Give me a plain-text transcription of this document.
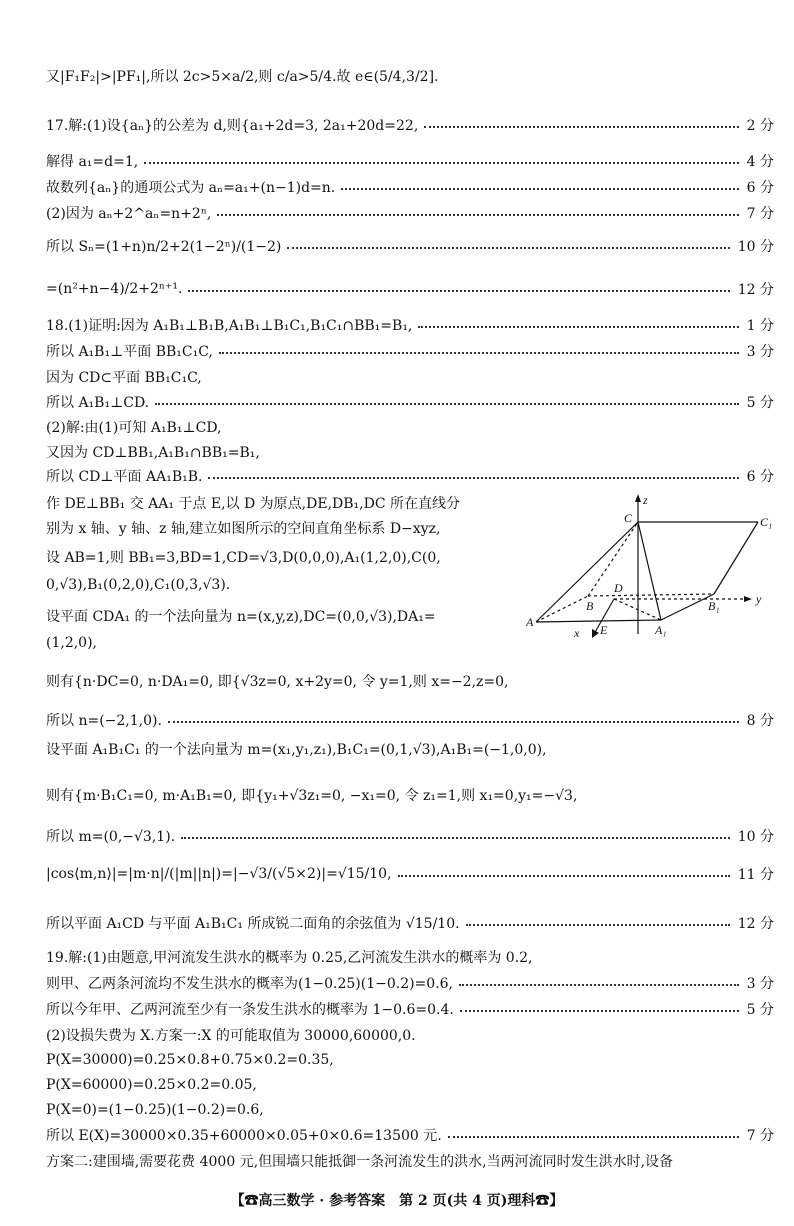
又|F₁F₂|>|PF₁|,所以 2c>5×a/2,则 c/a>5/4.故 e∈(5/4,3/2].
17.解:(1)设{aₙ}的公差为 d,则{a₁+2d=3, 2a₁+20d=22,	2 分
解得 a₁=d=1,	4 分
故数列{aₙ}的通项公式为 aₙ=a₁+(n−1)d=n.	6 分
(2)因为 aₙ+2^aₙ=n+2ⁿ,	7 分
所以 Sₙ=(1+n)n/2+2(1−2ⁿ)/(1−2)	10 分
=(n²+n−4)/2+2ⁿ⁺¹.	12 分
18.(1)证明:因为 A₁B₁⊥B₁B,A₁B₁⊥B₁C₁,B₁C₁∩BB₁=B₁,	1 分
所以 A₁B₁⊥平面 BB₁C₁C,	3 分
因为 CD⊂平面 BB₁C₁C,
所以 A₁B₁⊥CD.	5 分
(2)解:由(1)可知 A₁B₁⊥CD,
又因为 CD⊥BB₁,A₁B₁∩BB₁=B₁,
所以 CD⊥平面 AA₁B₁B.	6 分
作 DE⊥BB₁ 交 AA₁ 于点 E,以 D 为原点,DE,DB₁,DC 所在直线分
别为 x 轴、y 轴、z 轴,建立如图所示的空间直角坐标系 D−xyz,
设 AB=1,则 BB₁=3,BD=1,CD=√3,D(0,0,0),A₁(1,2,0),C(0,
0,√3),B₁(0,2,0),C₁(0,3,√3).
设平面 CDA₁ 的一个法向量为 n=(x,y,z),DC=(0,0,√3),DA₁=
(1,2,0),
则有{n·DC=0, n·DA₁=0, 即{√3z=0, x+2y=0, 令 y=1,则 x=−2,z=0,
所以 n=(−2,1,0).	8 分
设平面 A₁B₁C₁ 的一个法向量为 m=(x₁,y₁,z₁),B₁C₁=(0,1,√3),A₁B₁=(−1,0,0),
则有{m·B₁C₁=0, m·A₁B₁=0, 即{y₁+√3z₁=0, −x₁=0, 令 z₁=1,则 x₁=0,y₁=−√3,
所以 m=(0,−√3,1).	10 分
|cos⟨m,n⟩|=|m·n|/(|m||n|)=|−√3/(√5×2)|=√15/10,	11 分
所以平面 A₁CD 与平面 A₁B₁C₁ 所成锐二面角的余弦值为 √15/10.	12 分
19.解:(1)由题意,甲河流发生洪水的概率为 0.25,乙河流发生洪水的概率为 0.2,
则甲、乙两条河流均不发生洪水的概率为(1−0.25)(1−0.2)=0.6,	3 分
所以今年甲、乙两河流至少有一条发生洪水的概率为 1−0.6=0.4.	5 分
(2)设损失费为 X.方案一:X 的可能取值为 30000,60000,0.
P(X=30000)=0.25×0.8+0.75×0.2=0.35,
P(X=60000)=0.25×0.2=0.05,
P(X=0)=(1−0.25)(1−0.2)=0.6,
所以 E(X)=30000×0.35+60000×0.05+0×0.6=13500 元.	7 分
方案二:建围墙,需要花费 4000 元,但围墙只能抵御一条河流发生的洪水,当两河流同时发生洪水时,设备
C	C₁
z
D
B	B₁	y
A
A₁
E
x
【☎高三数学 · 参考答案　第 2 页(共 4 页)理科☎】
